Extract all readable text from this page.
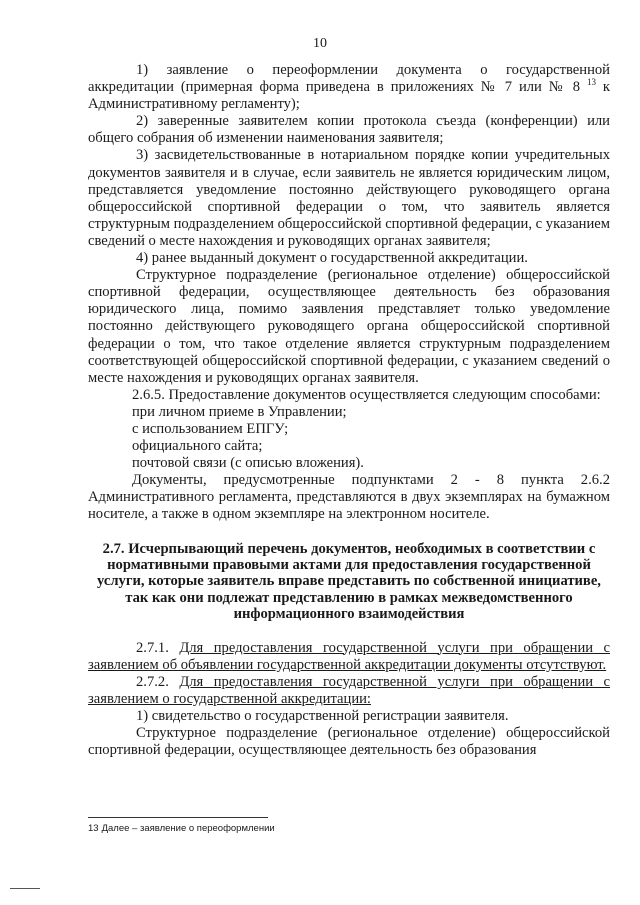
10

1) заявление о переоформлении документа о государственной аккредитации (примерная форма приведена в приложениях № 7 или № 8 $^{13}$ к Административному регламенту);

2) заверенные заявителем копии протокола съезда (конференции) или общего собрания об изменении наименования заявителя;

3) засвидетельствованные в нотариальном порядке копии учредительных документов заявителя и в случае, если заявитель не является юридическим лицом, представляется уведомление постоянно действующего руководящего органа общероссийской спортивной федерации о том, что заявитель является структурным подразделением общероссийской спортивной федерации, с указанием сведений о месте нахождения и руководящих органах заявителя;

4) ранее выданный документ о государственной аккредитации.

Структурное подразделение (региональное отделение) общероссийской спортивной федерации, осуществляющее деятельность без образования юридического лица, помимо заявления представляет только уведомление постоянно действующего руководящего органа общероссийской спортивной федерации о том, что такое отделение является структурным подразделением соответствующей общероссийской спортивной федерации, с указанием сведений о месте нахождения и руководящих органах заявителя.

2.6.5. Предоставление документов осуществляется следующим способами:

при личном приеме в Управлении;

с использованием ЕПГУ;

официального сайта;

почтовой связи (с описью вложения).

Документы, предусмотренные подпунктами 2 - 8 пункта 2.6.2 Административного регламента, представляются в двух экземплярах на бумажном носителе, а также в одном экземпляре на электронном носителе.

2.7. Исчерпывающий перечень документов, необходимых в соответствии с нормативными правовыми актами для предоставления государственной услуги, которые заявитель вправе представить по собственной инициативе, так как они подлежат представлению в рамках межведомственного информационного взаимодействия

2.7.1. Для предоставления государственной услуги при обращении с заявлением об объявлении государственной аккредитации документы отсутствуют.

2.7.2. Для предоставления государственной услуги при обращении с заявлением о государственной аккредитации:

1) свидетельство о государственной регистрации заявителя.

Структурное подразделение (региональное отделение) общероссийской спортивной федерации, осуществляющее деятельность без образования

13 Далее – заявление о переоформлении
